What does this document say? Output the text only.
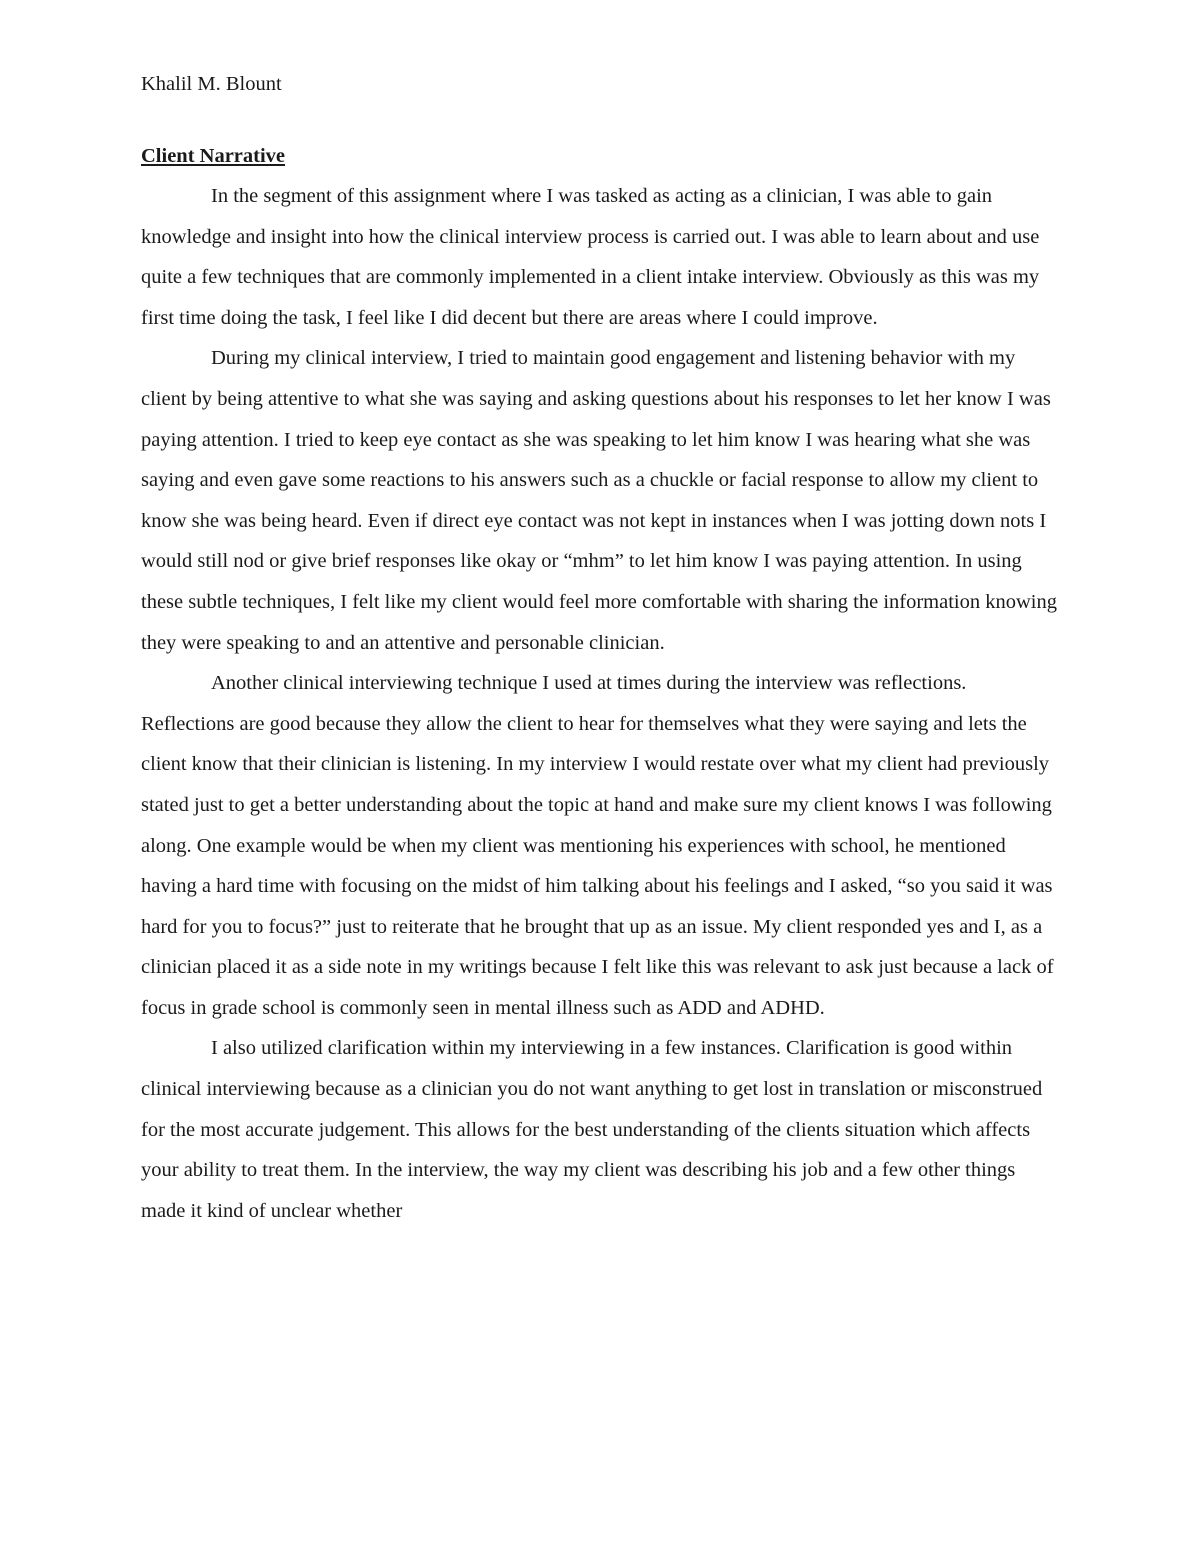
Khalil M. Blount

Client Narrative

In the segment of this assignment where I was tasked as acting as a clinician, I was able to gain knowledge and insight into how the clinical interview process is carried out. I was able to learn about and use quite a few techniques that are commonly implemented in a client intake interview. Obviously as this was my first time doing the task, I feel like I did decent but there are areas where I could improve.

During my clinical interview, I tried to maintain good engagement and listening behavior with my client by being attentive to what she was saying and asking questions about his responses to let her know I was paying attention. I tried to keep eye contact as she was speaking to let him know I was hearing what she was saying and even gave some reactions to his answers such as a chuckle or facial response to allow my client to know she was being heard. Even if direct eye contact was not kept in instances when I was jotting down nots I would still nod or give brief responses like okay or “mhm” to let him know I was paying attention. In using these subtle techniques, I felt like my client would feel more comfortable with sharing the information knowing they were speaking to and an attentive and personable clinician.

Another clinical interviewing technique I used at times during the interview was reflections. Reflections are good because they allow the client to hear for themselves what they were saying and lets the client know that their clinician is listening. In my interview I would restate over what my client had previously stated just to get a better understanding about the topic at hand and make sure my client knows I was following along. One example would be when my client was mentioning his experiences with school, he mentioned having a hard time with focusing on the midst of him talking about his feelings and I asked, “so you said it was hard for you to focus?” just to reiterate that he brought that up as an issue. My client responded yes and I, as a clinician placed it as a side note in my writings because I felt like this was relevant to ask just because a lack of focus in grade school is commonly seen in mental illness such as ADD and ADHD.

I also utilized clarification within my interviewing in a few instances. Clarification is good within clinical interviewing because as a clinician you do not want anything to get lost in translation or misconstrued for the most accurate judgement. This allows for the best understanding of the clients situation which affects your ability to treat them. In the interview, the way my client was describing his job and a few other things made it kind of unclear whether
